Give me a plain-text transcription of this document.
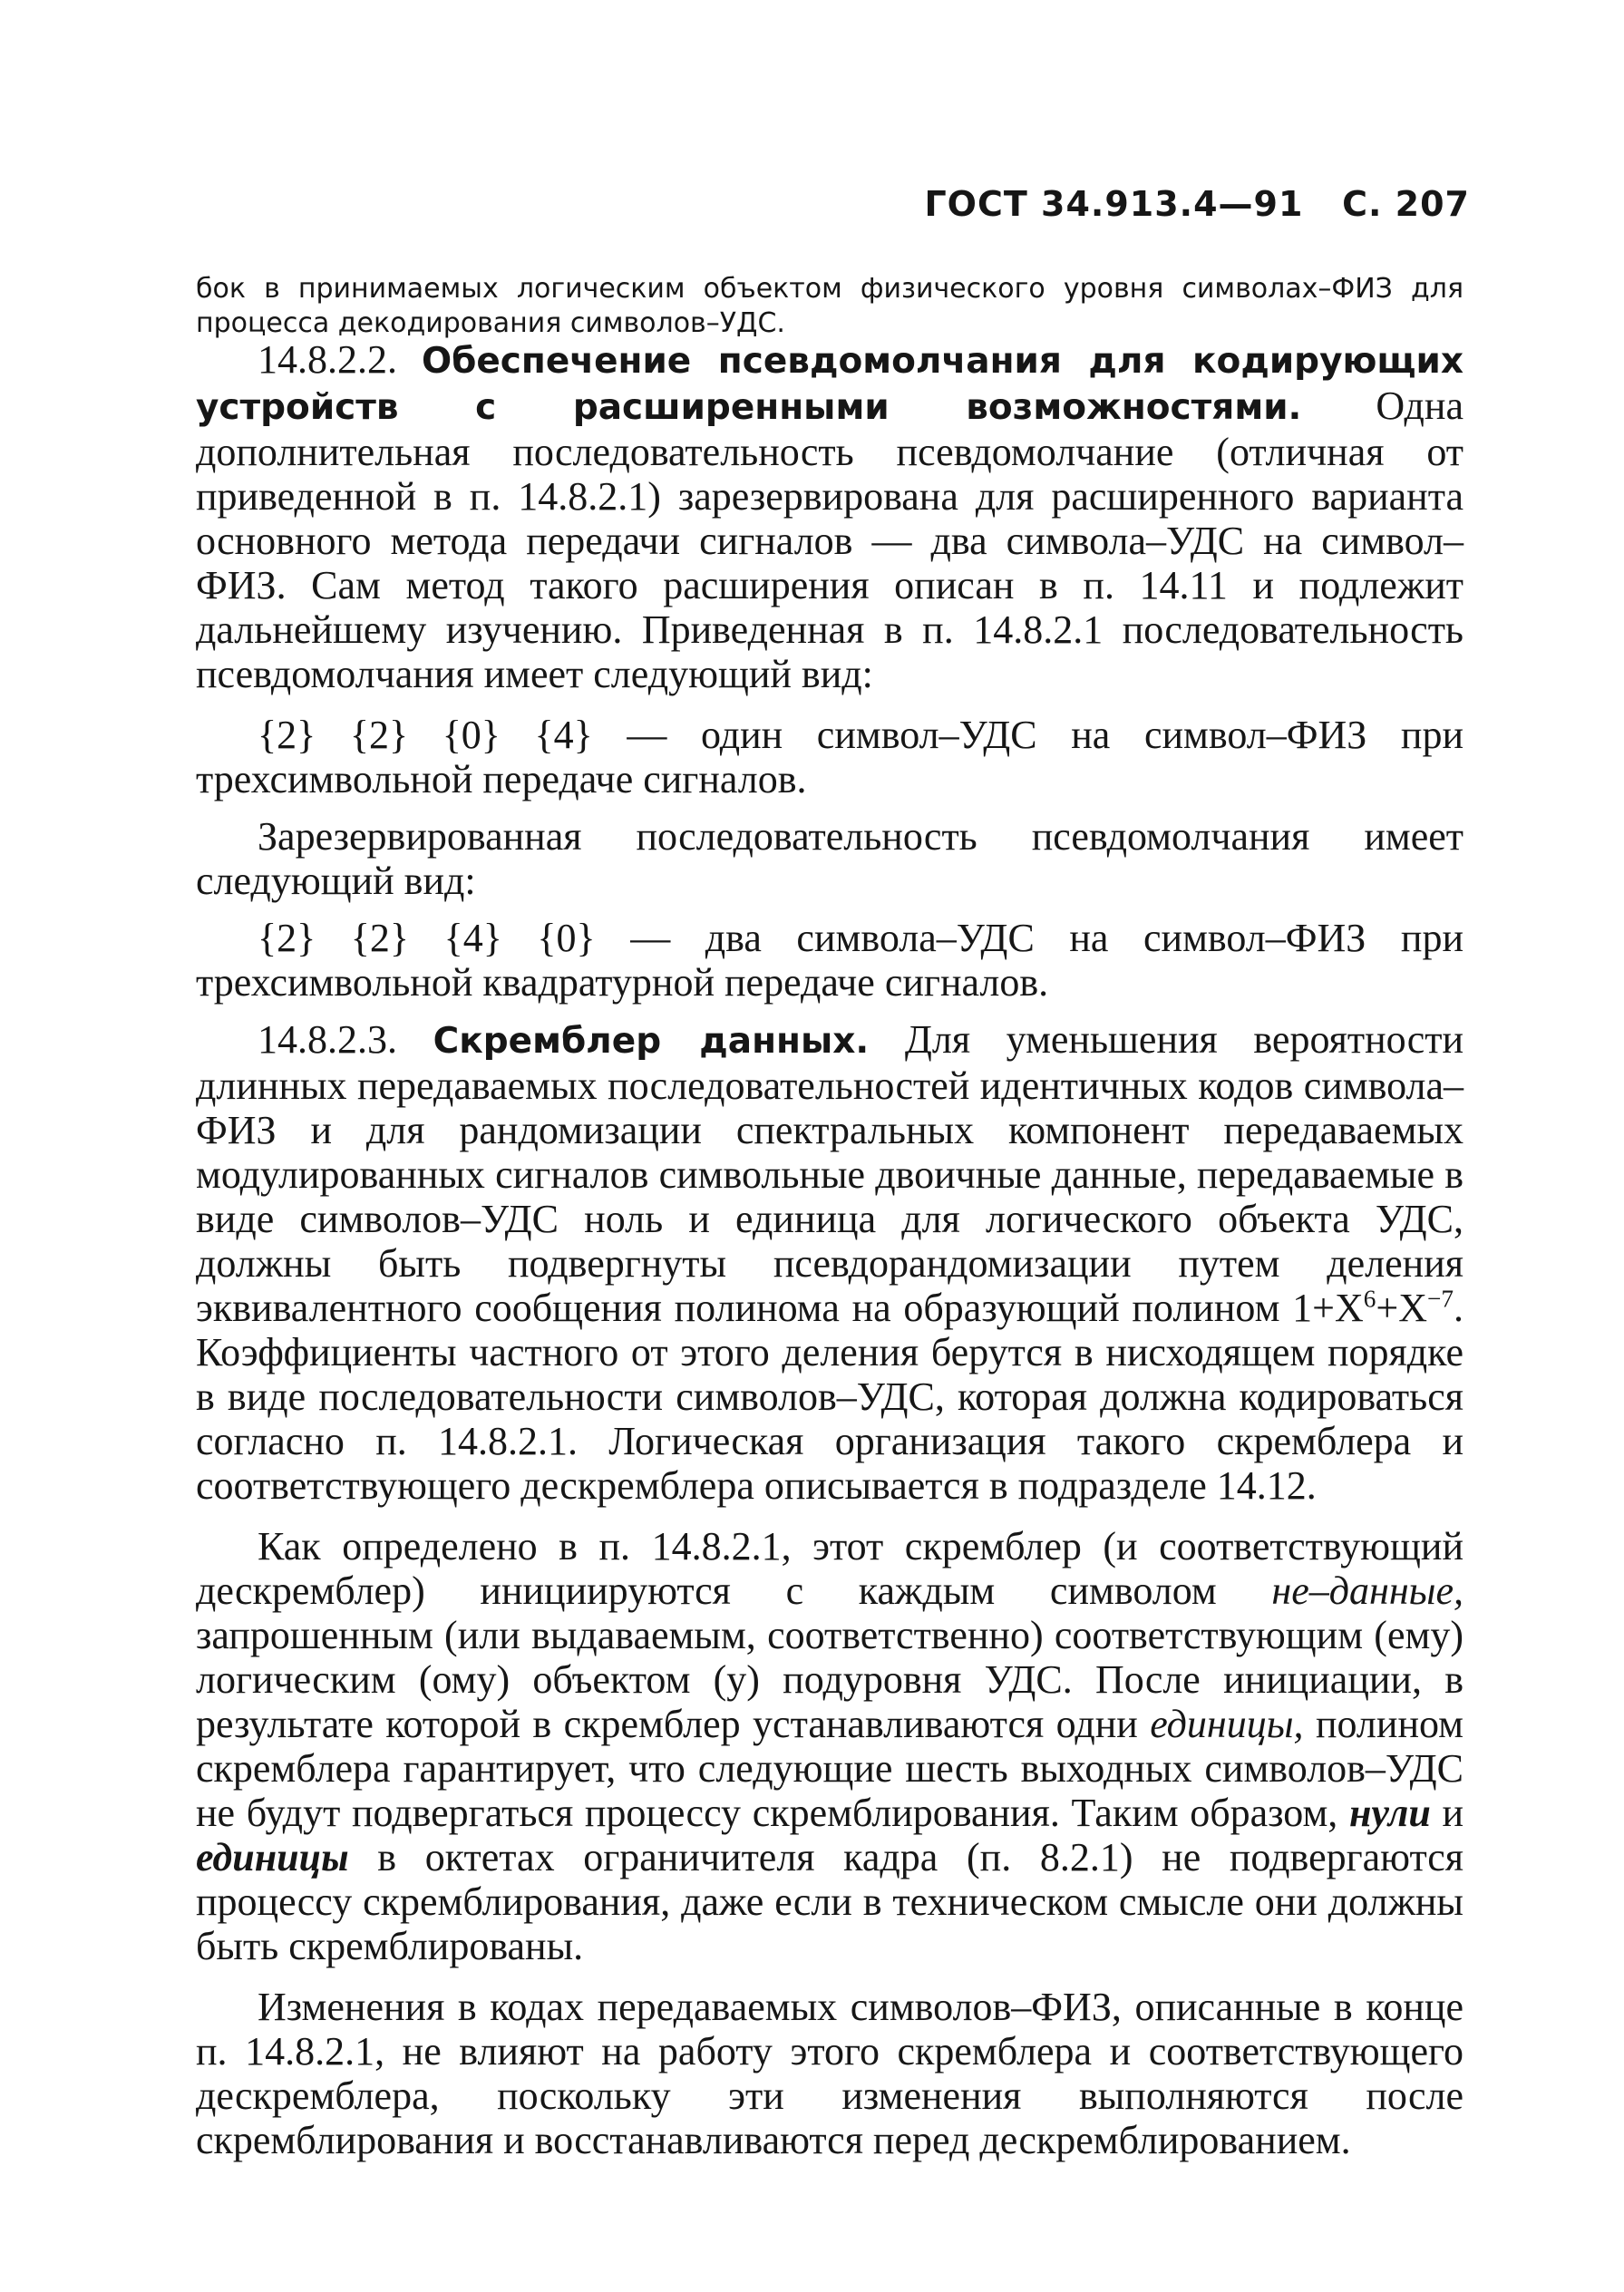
ГОСТ 34.913.4—91 С. 207
бок в принимаемых логическим объектом физического уровня символах–ФИЗ для процесса декодирования символов–УДС.

14.8.2.2. Обеспечение псевдомолчания для кодирующих устройств с расширенными возможностями. Одна дополнительная последовательность псевдомолчание (отличная от приведенной в п. 14.8.2.1) зарезервирована для расширенного варианта основного метода передачи сигналов — два символа–УДС на символ–ФИЗ. Сам метод такого расширения описан в п. 14.11 и подлежит дальнейшему изучению. Приведенная в п. 14.8.2.1 последовательность псевдомолчания имеет следующий вид:

{2} {2} {0} {4} — один символ–УДС на символ–ФИЗ при трехсимвольной передаче сигналов.

Зарезервированная последовательность псевдомолчания имеет следующий вид:

{2} {2} {4} {0} — два символа–УДС на символ–ФИЗ при трехсимвольной квадратурной передаче сигналов.

14.8.2.3. Скремблер данных. Для уменьшения вероятности длинных передаваемых последовательностей идентичных кодов символа–ФИЗ и для рандомизации спектральных компонент передаваемых модулированных сигналов символьные двоичные данные, передаваемые в виде символов–УДС ноль и единица для логического объекта УДС, должны быть подвергнуты псевдорандомизации путем деления эквивалентного сообщения полинома на образующий полином $1+X^6+X^{-7}$. Коэффициенты частного от этого деления берутся в нисходящем порядке в виде последовательности символов–УДС, которая должна кодироваться согласно п. 14.8.2.1. Логическая организация такого скремблера и соответствующего дескремблера описывается в подразделе 14.12.

Как определено в п. 14.8.2.1, этот скремблер (и соответствующий дескремблер) инициируются с каждым символом не–данные, запрошенным (или выдаваемым, соответственно) соответствующим (ему) логическим (ому) объектом (у) подуровня УДС. После инициации, в результате которой в скремблер устанавливаются одни единицы, полином скремблера гарантирует, что следующие шесть выходных символов–УДС не будут подвергаться процессу скремблирования. Таким образом, нули и единицы в октетах ограничителя кадра (п. 8.2.1) не подвергаются процессу скремблирования, даже если в техническом смысле они должны быть скремблированы.

Изменения в кодах передаваемых символов–ФИЗ, описанные в конце п. 14.8.2.1, не влияют на работу этого скремблера и соответствующего дескремблера, поскольку эти изменения выполняются после скремблирования и восстанавливаются перед дескремблированием.
